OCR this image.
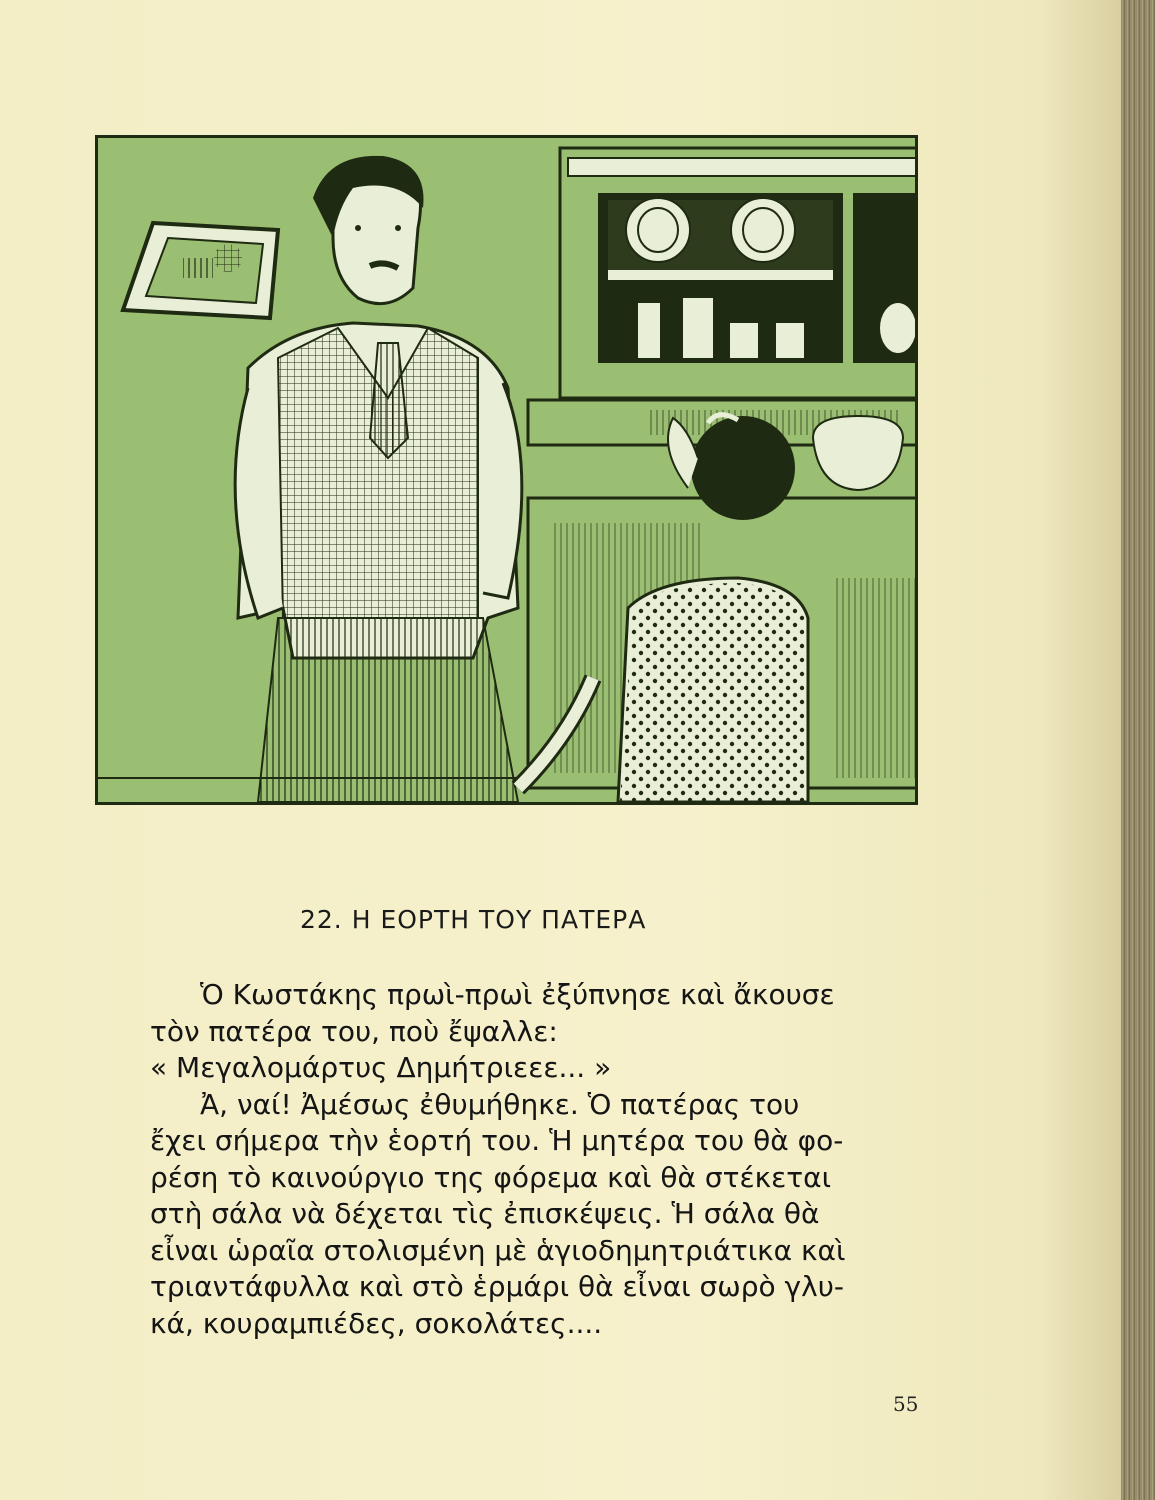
22. Η ΕΟΡΤΗ ΤΟΥ ΠΑΤΕΡΑ
Ὁ Κωστάκης πρωὶ-πρωὶ ἐξύπνησε καὶ ἄκουσε
τὸν πατέρα του, ποὺ ἔψαλλε:
« Μεγαλομάρτυς Δημήτριεεε... »
Ἀ, ναί! Ἀμέσως ἐθυμήθηκε. Ὁ πατέρας του
ἔχει σήμερα τὴν ἑορτή του. Ἡ μητέρα του θὰ φο-
ρέση τὸ καινούργιο της φόρεμα καὶ θὰ στέκεται
στὴ σάλα νὰ δέχεται τὶς ἐπισκέψεις. Ἡ σάλα θὰ
εἶναι ὡραῖα στολισμένη μὲ ἁγιοδημητριάτικα καὶ
τριαντάφυλλα καὶ στὸ ἑρμάρι θὰ εἶναι σωρὸ γλυ-
κά, κουραμπιέδες, σοκολάτες....
55
